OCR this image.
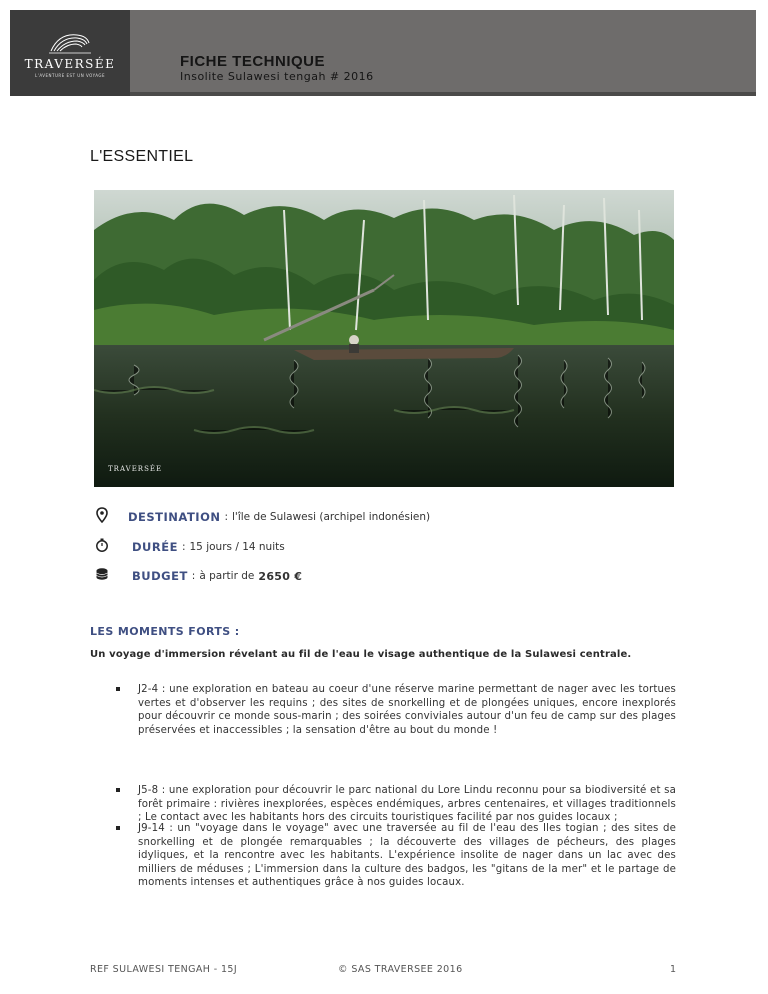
TRAVERSÉE
L'AVENTURE EST UN VOYAGE
FICHE TECHNIQUE
Insolite Sulawesi tengah # 2016
L'ESSENTIEL
TRAVERSÉE
DESTINATION : l'île de Sulawesi (archipel indonésien)
DURÉE : 15 jours / 14 nuits
BUDGET : à partir de 2650 €
LES MOMENTS FORTS :
Un voyage d'immersion révelant au fil de l'eau le visage authentique de la Sulawesi centrale.
J2-4 : une exploration en bateau au coeur d'une réserve marine permettant de nager avec les tortues vertes et d'observer les requins ; des sites de snorkelling et de plongées uniques, encore inexplorés pour découvrir ce monde sous-marin ; des soirées conviviales autour d'un feu de camp sur des plages préservées et inaccessibles ; la sensation d'être au bout du monde !
J5-8 : une exploration pour découvrir le parc national du Lore Lindu reconnu pour sa biodiversité et sa forêt primaire : rivières inexplorées, espèces endémiques, arbres centenaires, et villages traditionnels ; Le contact avec les habitants hors des circuits touristiques facilité par nos guides locaux ;
J9-14 : un "voyage dans le voyage" avec une traversée au fil de l'eau des Iles togian ; des sites de snorkelling et de plongée remarquables ; la découverte des villages de pécheurs, des plages idyliques, et la rencontre avec les habitants. L'expérience insolite de nager dans un lac avec des milliers de méduses ; L'immersion dans la culture des badgos, les "gitans de la mer" et le partage de moments intenses et authentiques grâce à nos guides locaux.
REF SULAWESI TENGAH - 15J	© SAS TRAVERSEE 2016	1
